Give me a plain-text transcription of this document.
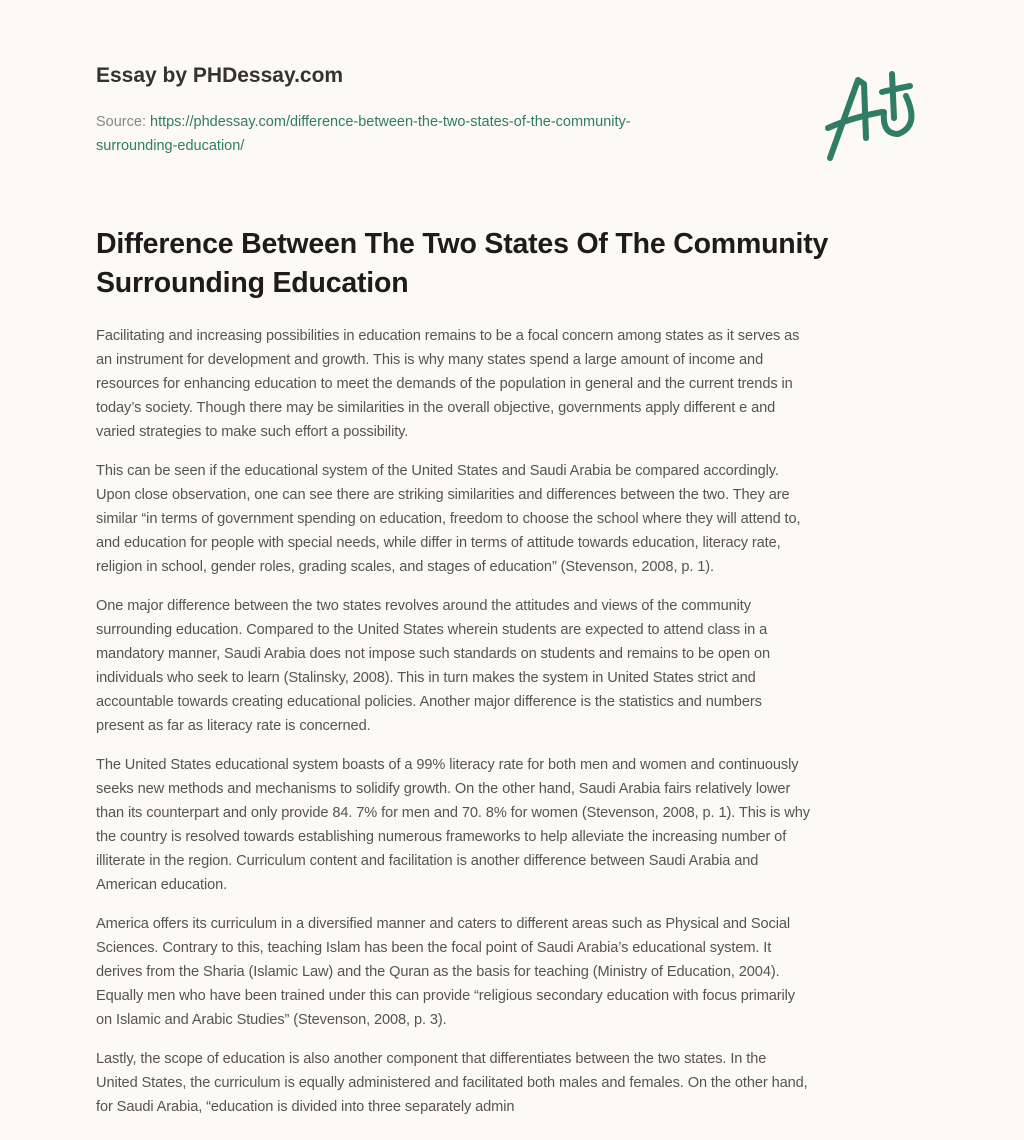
Essay by PHDessay.com
Source: https://phdessay.com/difference-between-the-two-states-of-the-community-
surrounding-education/
Difference Between The Two States Of The Community
Surrounding Education

Facilitating and increasing possibilities in education remains to be a focal concern among states as it serves as
an instrument for development and growth. This is why many states spend a large amount of income and
resources for enhancing education to meet the demands of the population in general and the current trends in
today’s society. Though there may be similarities in the overall objective, governments apply different e and
varied strategies to make such effort a possibility.

This can be seen if the educational system of the United States and Saudi Arabia be compared accordingly.
Upon close observation, one can see there are striking similarities and differences between the two. They are
similar “in terms of government spending on education, freedom to choose the school where they will attend to,
and education for people with special needs, while differ in terms of attitude towards education, literacy rate,
religion in school, gender roles, grading scales, and stages of education” (Stevenson, 2008, p. 1).

One major difference between the two states revolves around the attitudes and views of the community
surrounding education. Compared to the United States wherein students are expected to attend class in a
mandatory manner, Saudi Arabia does not impose such standards on students and remains to be open on
individuals who seek to learn (Stalinsky, 2008). This in turn makes the system in United States strict and
accountable towards creating educational policies. Another major difference is the statistics and numbers
present as far as literacy rate is concerned.

The United States educational system boasts of a 99% literacy rate for both men and women and continuously
seeks new methods and mechanisms to solidify growth. On the other hand, Saudi Arabia fairs relatively lower
than its counterpart and only provide 84. 7% for men and 70. 8% for women (Stevenson, 2008, p. 1). This is why
the country is resolved towards establishing numerous frameworks to help alleviate the increasing number of
illiterate in the region. Curriculum content and facilitation is another difference between Saudi Arabia and
American education.

America offers its curriculum in a diversified manner and caters to different areas such as Physical and Social
Sciences. Contrary to this, teaching Islam has been the focal point of Saudi Arabia’s educational system. It
derives from the Sharia (Islamic Law) and the Quran as the basis for teaching (Ministry of Education, 2004).
Equally men who have been trained under this can provide “religious secondary education with focus primarily
on Islamic and Arabic Studies” (Stevenson, 2008, p. 3).

Lastly, the scope of education is also another component that differentiates between the two states. In the
United States, the curriculum is equally administered and facilitated both males and females. On the other hand,
for Saudi Arabia, “education is divided into three separately admin
